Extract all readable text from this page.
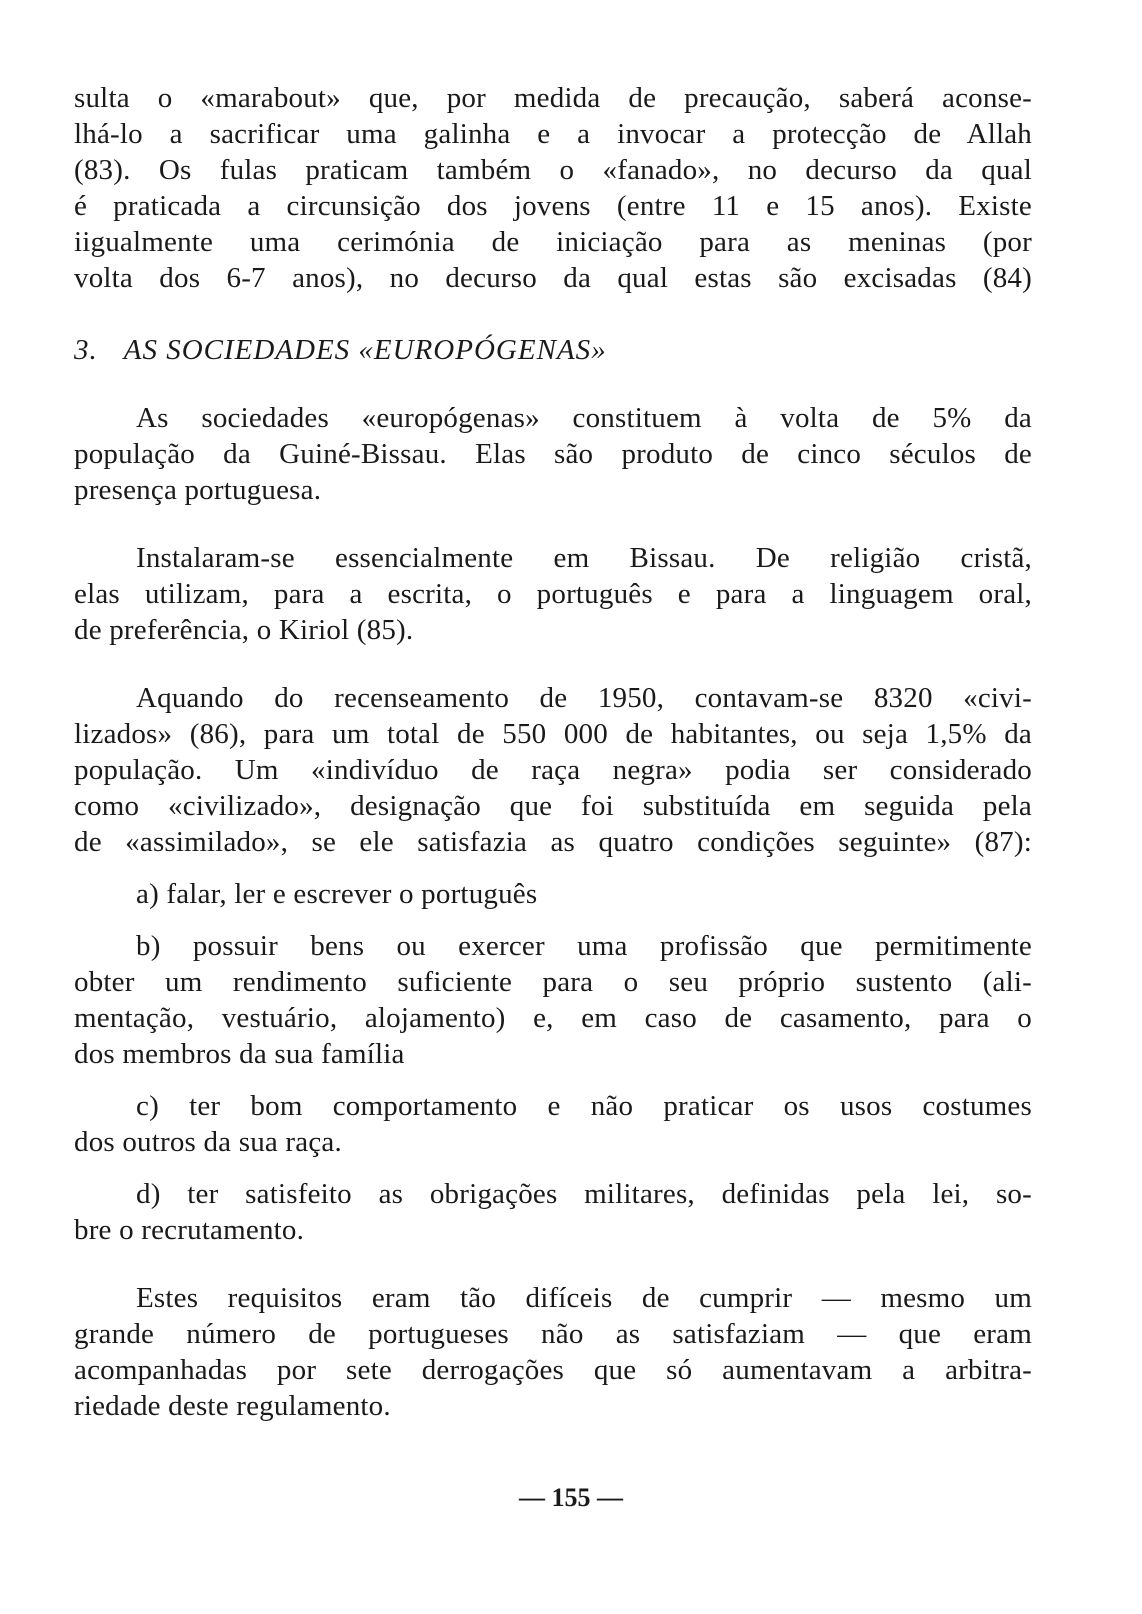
sulta o «marabout» que, por medida de precaução, saberá aconse-
lhá-lo a sacrificar uma galinha e a invocar a protecção de Allah
(83). Os fulas praticam também o «fanado», no decurso da qual
é praticada a circunsição dos jovens (entre 11 e 15 anos). Existe
iigualmente uma cerimónia de iniciação para as meninas (por
volta dos 6-7 anos), no decurso da qual estas são excisadas (84)
3. AS SOCIEDADES «EUROPÓGENAS»
As sociedades «europógenas» constituem à volta de 5% da
população da Guiné-Bissau. Elas são produto de cinco séculos de
presença portuguesa.
Instalaram-se essencialmente em Bissau. De religião cristã,
elas utilizam, para a escrita, o português e para a linguagem oral,
de preferência, o Kiriol (85).
Aquando do recenseamento de 1950, contavam-se 8320 «civi-
lizados» (86), para um total de 550 000 de habitantes, ou seja 1,5% da
população. Um «indivíduo de raça negra» podia ser considerado
como «civilizado», designação que foi substituída em seguida pela
de «assimilado», se ele satisfazia as quatro condições seguinte» (87):
a) falar, ler e escrever o português
b) possuir bens ou exercer uma profissão que permitimente
obter um rendimento suficiente para o seu próprio sustento (ali-
mentação, vestuário, alojamento) e, em caso de casamento, para o
dos membros da sua família
c) ter bom comportamento e não praticar os usos costumes
dos outros da sua raça.
d) ter satisfeito as obrigações militares, definidas pela lei, so-
bre o recrutamento.
Estes requisitos eram tão difíceis de cumprir — mesmo um
grande número de portugueses não as satisfaziam — que eram
acompanhadas por sete derrogações que só aumentavam a arbitra-
riedade deste regulamento.
— 155 —
